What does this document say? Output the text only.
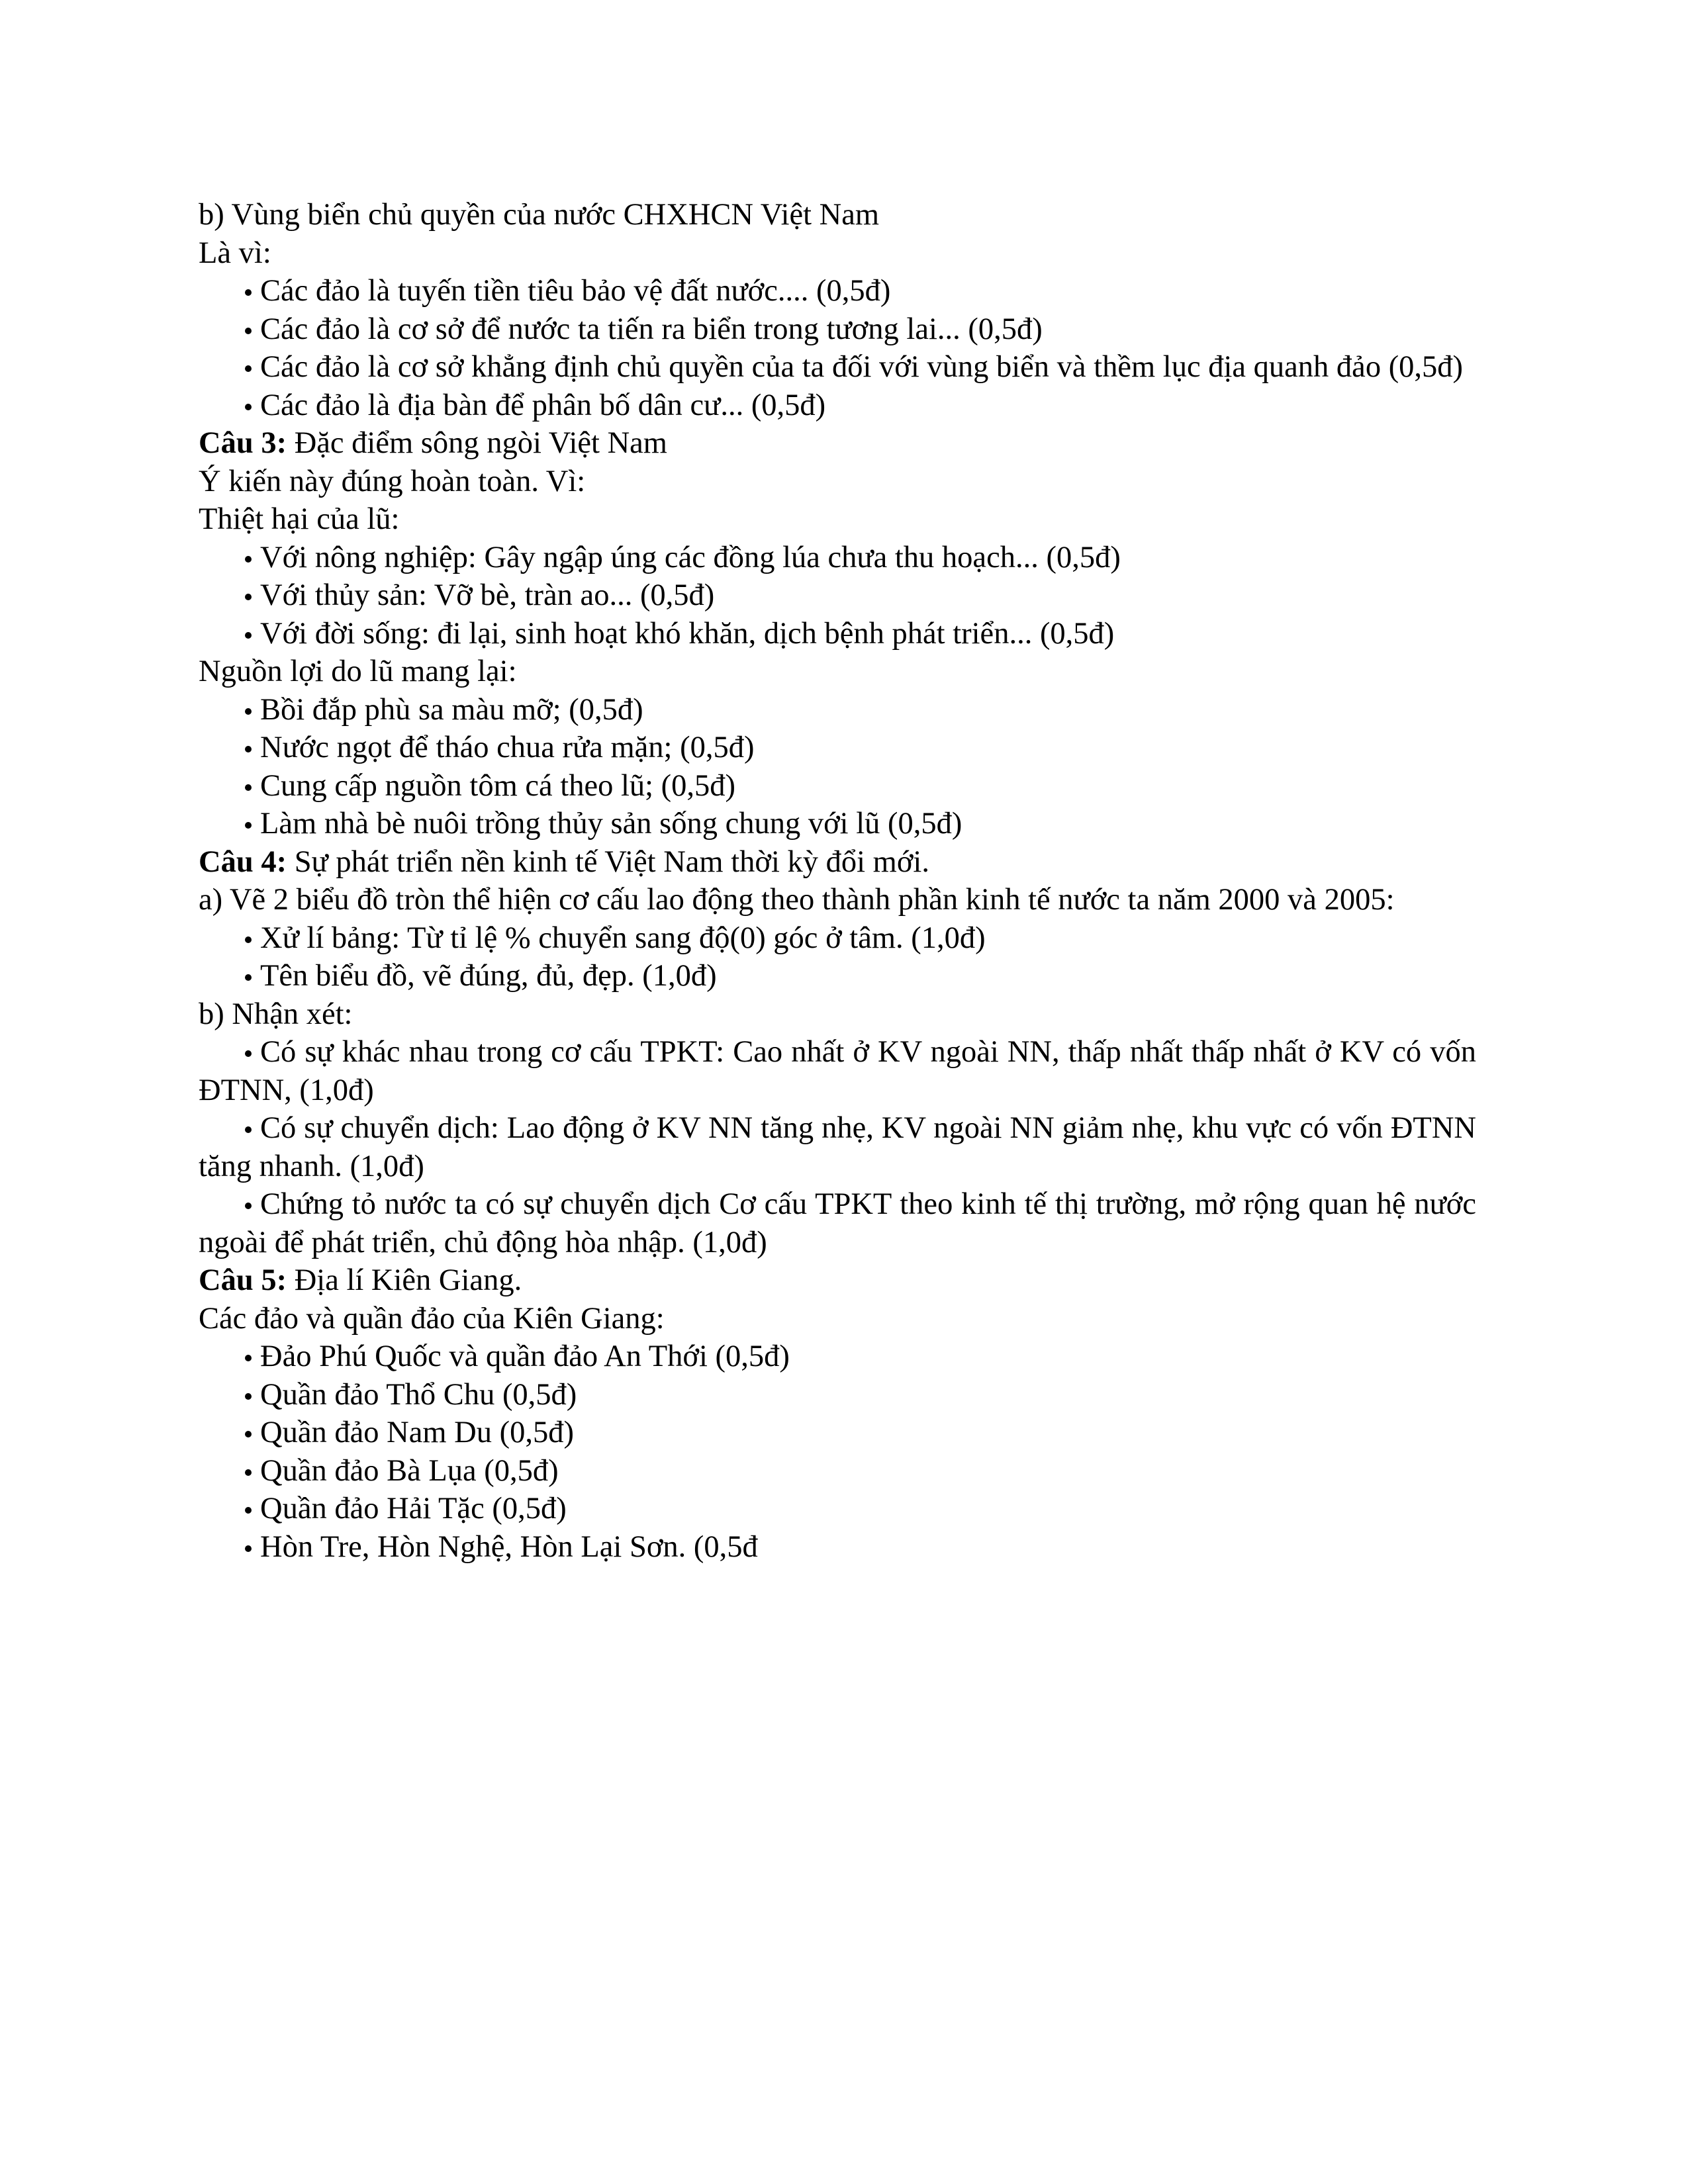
b) Vùng biển chủ quyền của nước CHXHCN Việt Nam

Là vì:

Các đảo là tuyến tiền tiêu bảo vệ đất nước.... (0,5đ)
Các đảo là cơ sở để nước ta tiến ra biển trong tương lai... (0,5đ)
Các đảo là cơ sở khẳng định chủ quyền của ta đối với vùng biển và thềm lục địa quanh đảo (0,5đ)
Các đảo là địa bàn để phân bố dân cư... (0,5đ)

Câu 3: Đặc điểm sông ngòi Việt Nam

Ý kiến này đúng hoàn toàn. Vì:

Thiệt hại của lũ:

Với nông nghiệp: Gây ngập úng các đồng lúa chưa thu hoạch... (0,5đ)
Với thủy sản: Vỡ bè, tràn ao... (0,5đ)
Với đời sống: đi lại, sinh hoạt khó khăn, dịch bệnh phát triển... (0,5đ)

Nguồn lợi do lũ mang lại:

Bồi đắp phù sa màu mỡ; (0,5đ)
Nước ngọt để tháo chua rửa mặn; (0,5đ)
Cung cấp nguồn tôm cá theo lũ; (0,5đ)
Làm nhà bè nuôi trồng thủy sản sống chung với lũ (0,5đ)

Câu 4: Sự phát triển nền kinh tế Việt Nam thời kỳ đổi mới.

a) Vẽ 2 biểu đồ tròn thể hiện cơ cấu lao động theo thành phần kinh tế nước ta năm 2000 và 2005:

Xử lí bảng: Từ tỉ lệ % chuyển sang độ(0) góc ở tâm. (1,0đ)
Tên biểu đồ, vẽ đúng, đủ, đẹp. (1,0đ)

b) Nhận xét:

Có sự khác nhau trong cơ cấu TPKT: Cao nhất ở KV ngoài NN, thấp nhất thấp nhất ở KV có vốn ĐTNN, (1,0đ)
Có sự chuyển dịch: Lao động ở KV NN tăng nhẹ, KV ngoài NN giảm nhẹ, khu vực có vốn ĐTNN tăng nhanh. (1,0đ)
Chứng tỏ nước ta có sự chuyển dịch Cơ cấu TPKT theo kinh tế thị trường, mở rộng quan hệ nước ngoài để phát triển, chủ động hòa nhập. (1,0đ)

Câu 5: Địa lí Kiên Giang.

Các đảo và quần đảo của Kiên Giang:

Đảo Phú Quốc và quần đảo An Thới (0,5đ)
Quần đảo Thổ Chu (0,5đ)
Quần đảo Nam Du (0,5đ)
Quần đảo Bà Lụa (0,5đ)
Quần đảo Hải Tặc (0,5đ)
Hòn Tre, Hòn Nghệ, Hòn Lại Sơn. (0,5đ
